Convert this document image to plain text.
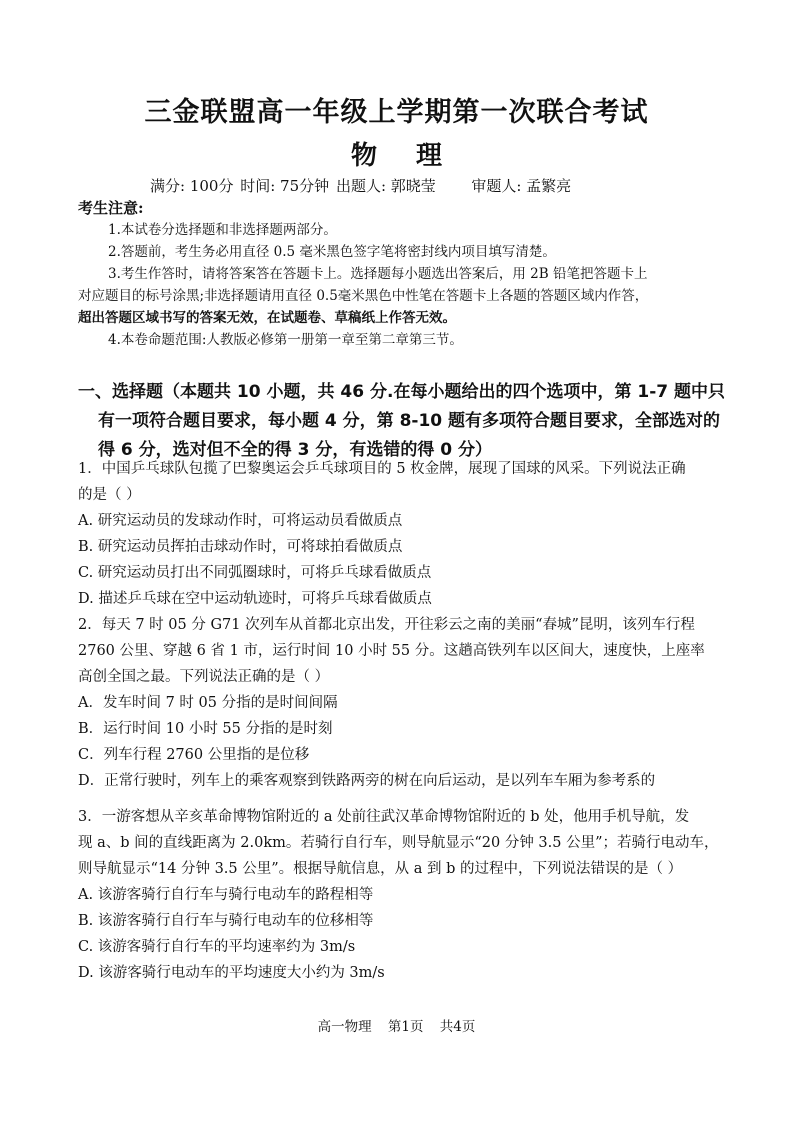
三金联盟高一年级上学期第一次联合考试
物 理
满分: 100分 时间: 75分钟 出题人: 郭晓莹 审题人: 孟繁亮
考生注意:

1.本试卷分选择题和非选择题两部分。

2.答题前，考生务必用直径 0.5 毫米黑色签字笔将密封线内项目填写清楚。

3.考生作答时，请将答案答在答题卡上。选择题每小题选出答案后，用 2B 铅笔把答题卡上

对应题目的标号涂黑;非选择题请用直径 0.5毫米黑色中性笔在答题卡上各题的答题区域内作答，

超出答题区域书写的答案无效，在试题卷、草稿纸上作答无效。

4.本卷命题范围:人教版必修第一册第一章至第二章第三节。

一、选择题（本题共 10 小题，共 46 分.在每小题给出的四个选项中，第 1-7 题中只
有一项符合题目要求，每小题 4 分，第 8-10 题有多项符合题目要求，全部选对的
得 6 分，选对但不全的得 3 分，有选错的得 0 分）

1．中国乒乓球队包揽了巴黎奥运会乒乓球项目的 5 枚金牌，展现了国球的风采。下列说法正确

的是（ ）

A. 研究运动员的发球动作时，可将运动员看做质点

B. 研究运动员挥拍击球动作时，可将球拍看做质点

C. 研究运动员打出不同弧圈球时，可将乒乓球看做质点

D. 描述乒乓球在空中运动轨迹时，可将乒乓球看做质点

2．每天 7 时 05 分 G71 次列车从首都北京出发，开往彩云之南的美丽“春城”昆明，该列车行程

2760 公里、穿越 6 省 1 市，运行时间 10 小时 55 分。这趟高铁列车以区间大，速度快，上座率

高创全国之最。下列说法正确的是（ ）

A．发车时间 7 时 05 分指的是时间间隔

B．运行时间 10 小时 55 分指的是时刻

C．列车行程 2760 公里指的是位移

D．正常行驶时，列车上的乘客观察到铁路两旁的树在向后运动，是以列车车厢为参考系的

3．一游客想从辛亥革命博物馆附近的 a 处前往武汉革命博物馆附近的 b 处，他用手机导航，发

现 a、b 间的直线距离为 2.0km。若骑行自行车，则导航显示“20 分钟 3.5 公里”；若骑行电动车，

则导航显示“14 分钟 3.5 公里”。根据导航信息，从 a 到 b 的过程中，下列说法错误的是（ ）

A. 该游客骑行自行车与骑行电动车的路程相等

B. 该游客骑行自行车与骑行电动车的位移相等

C. 该游客骑行自行车的平均速率约为 3m/s

D. 该游客骑行电动车的平均速度大小约为 3m/s

高一物理 第1页 共4页
